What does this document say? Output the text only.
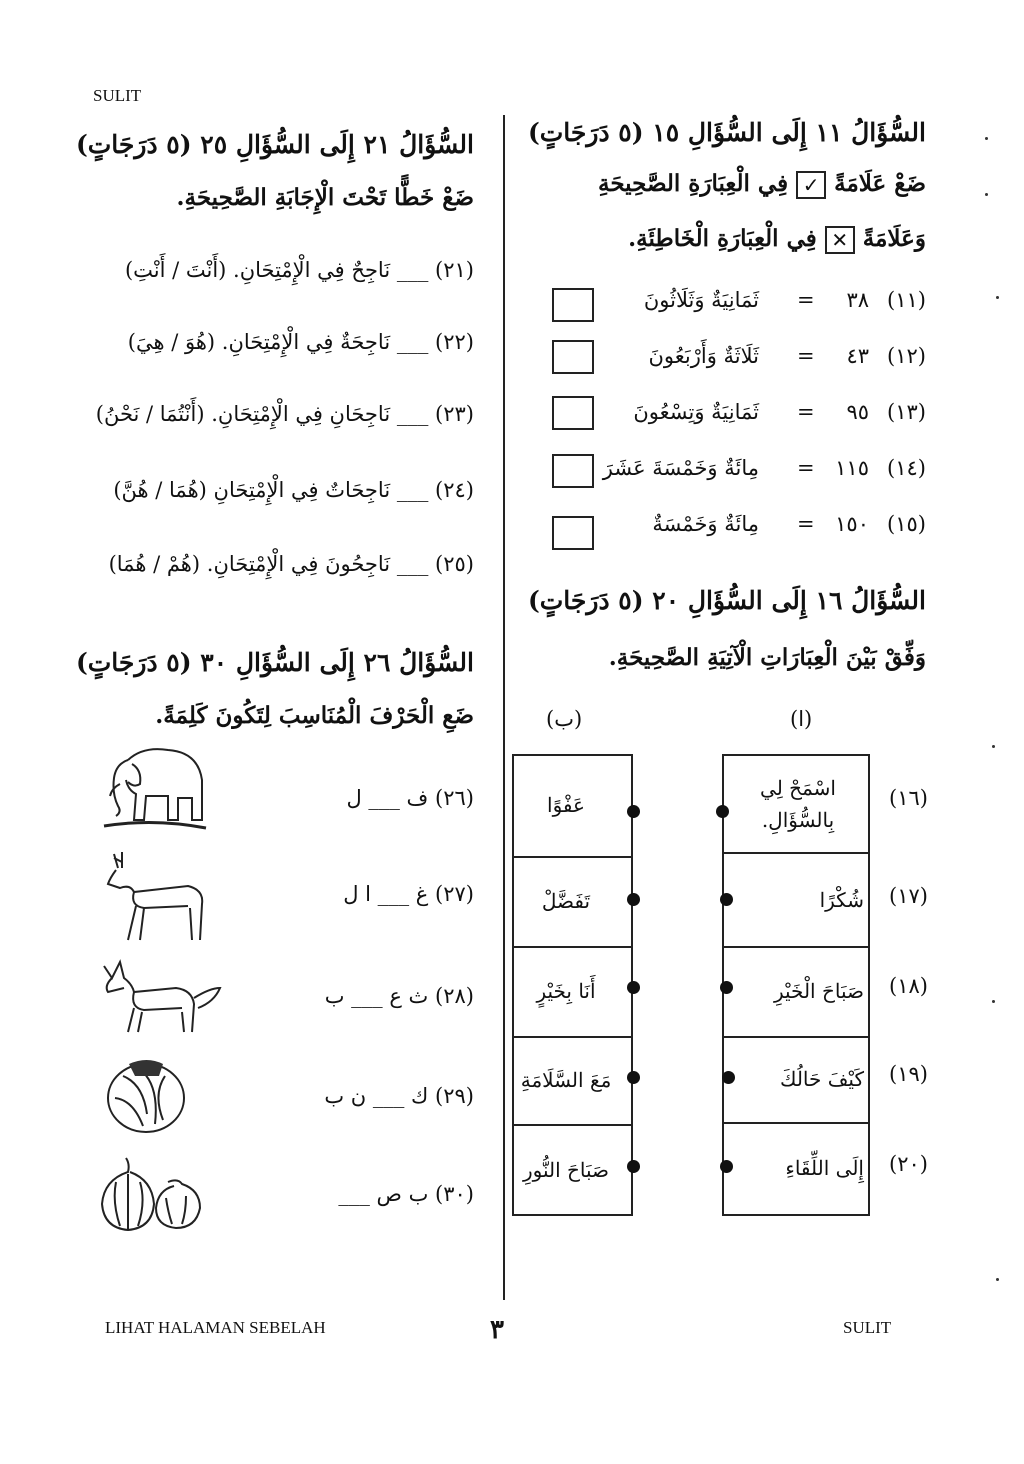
SULIT
LIHAT HALAMAN SEBELAH	٣	SULIT
السُّؤَالُ ١١ إِلَى السُّؤَالِ ١٥ (٥ دَرَجَاتٍ)
ضَعْ عَلَامَةً ✓ فِي الْعِبَارَةِ الصَّحِيحَةِ
وَعَلَامَةً ✕ فِي الْعِبَارَةِ الْخَاطِئَةِ.
(١١)
٣٨
=
ثَمَانِيَةٌ وَثَلَاثُونَ
(١٢)
٤٣
=
ثَلَاثَةٌ وَأَرْبَعُونَ
(١٣)
٩٥
=
ثَمَانِيَةٌ وَتِسْعُونَ
(١٤)
١١٥
=
مِائَةٌ وَخَمْسَةَ عَشَرَ
(١٥)
١٥٠
=
مِائَةٌ وَخَمْسَةٌ
السُّؤَالُ ١٦ إِلَى السُّؤَالِ ٢٠ (٥ دَرَجَاتٍ)
وَفِّقْ بَيْنَ الْعِبَارَاتِ الْآتِيَةِ الصَّحِيحَةِ.
(ا)
(ب)
(١٦)
اسْمَحْ لِي بِالسُّؤَالِ.
(١٧)
شُكْرًا
(١٨)
صَبَاحَ الْخَيْرِ
(١٩)
كَيْفَ حَالُكَ
(٢٠)
إِلَى اللِّقَاءِ
عَفْوًا
تَفَضَّلْ
أَنَا بِخَيْرٍ
مَعَ السَّلَامَةِ
صَبَاحَ النُّورِ
السُّؤَالُ ٢١ إِلَى السُّؤَالِ ٢٥ (٥ دَرَجَاتٍ)
ضَعْ خَطًّا تَحْتَ الْإِجَابَةِ الصَّحِيحَةِ.
(٢١) ___ نَاجِحٌ فِي الْإِمْتِحَانِ. (أَنْتَ / أَنْتِ)
(٢٢) ___ نَاجِحَةٌ فِي الْإِمْتِحَانِ. (هُوَ / هِيَ)
(٢٣) ___ نَاجِحَانِ فِي الْإِمْتِحَانِ. (أَنْتُمَا / نَحْنُ)
(٢٤) ___ نَاجِحَاتٌ فِي الْإِمْتِحَانِ (هُمَا / هُنَّ)
(٢٥) ___ نَاجِحُونَ فِي الْإِمْتِحَانِ. (هُمْ / هُمَا)
السُّؤَالُ ٢٦ إِلَى السُّؤَالِ ٣٠ (٥ دَرَجَاتٍ)
ضَعِ الْحَرْفَ الْمُنَاسِبَ لِتَكُونَ كَلِمَةً.
(٢٦) ف ___ ل
(٢٧) غ ___ ا ل
(٢٨) ث ع ___ ب
(٢٩) ك ___ ن ب
(٣٠) ب ص ___
